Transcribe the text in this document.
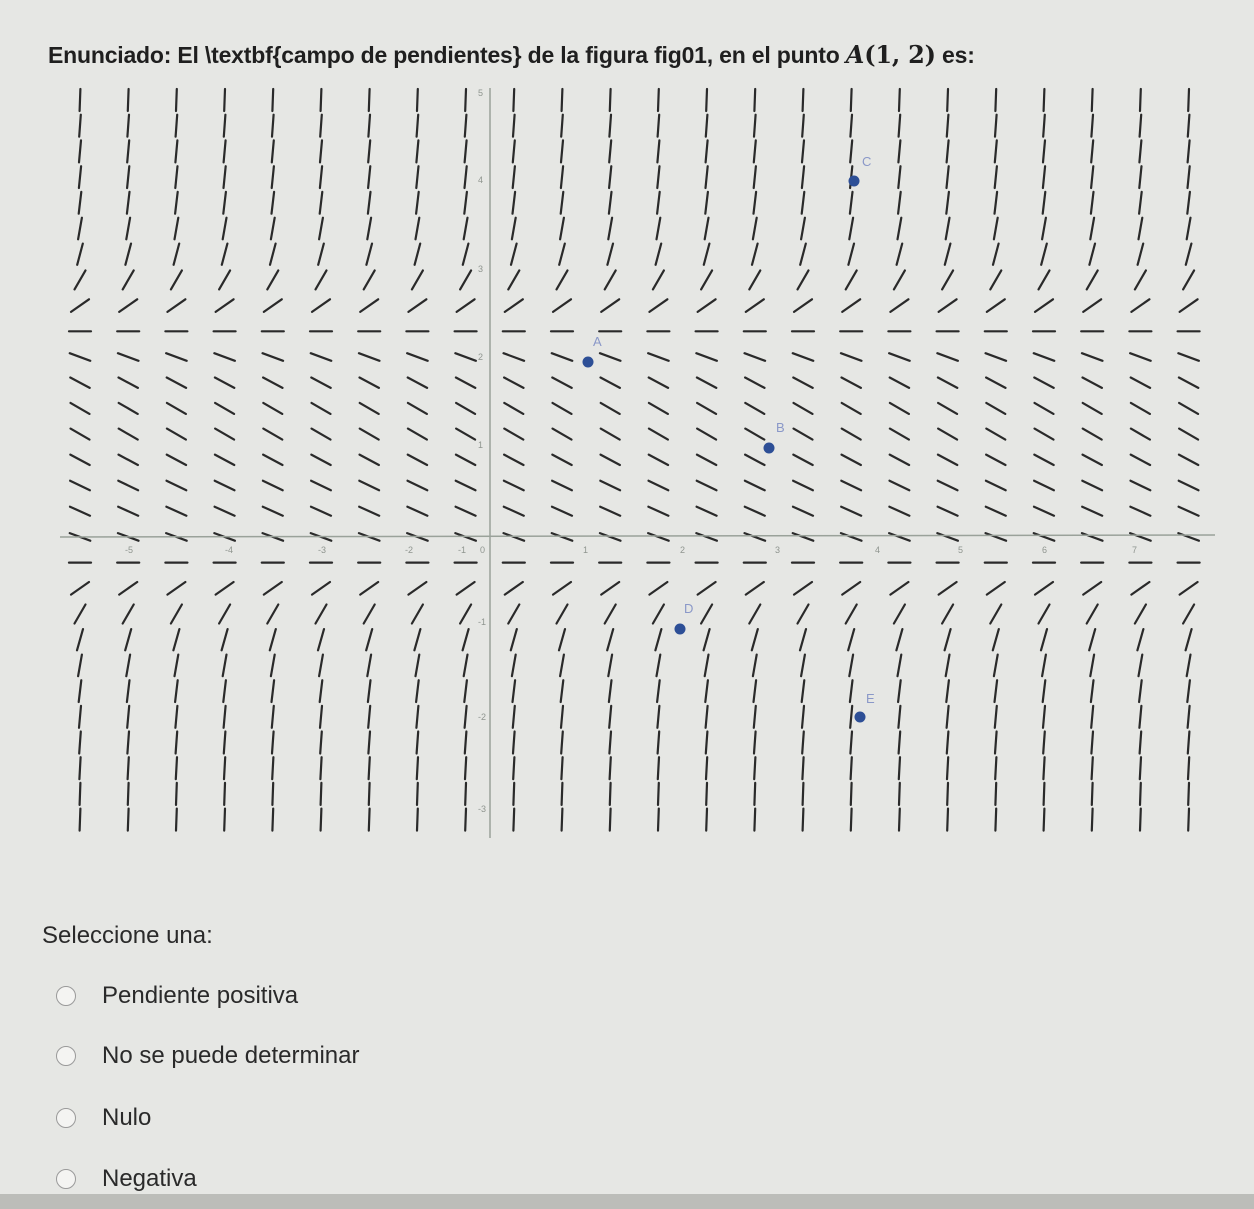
Enunciado: El \textbf{campo de pendientes} de la figura fig01, en el punto A(1, 2) es:
5
4
3
2
1
-1
-2
-3
-5	-4	-3	-2	-1 0	1	2	3	4	5	6	7
A
B
C
D
E
Seleccione una:
Pendiente positiva
No se puede determinar
Nulo
Negativa
